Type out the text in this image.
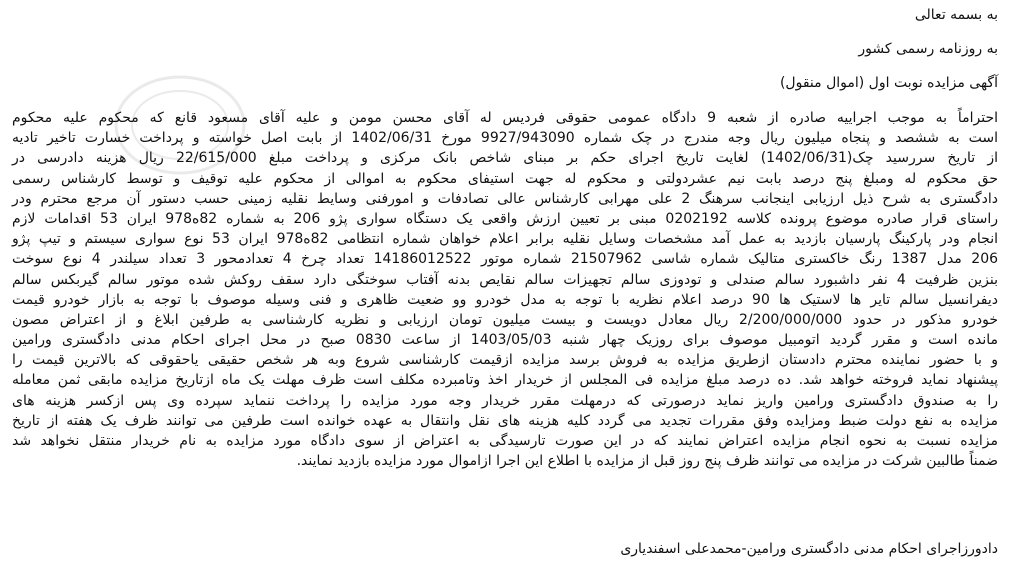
به بسمه تعالی
به روزنامه رسمی کشور
آگهی مزایده نوبت اول (اموال منقول)
احتراماً به موجب اجراییه صادره از شعبه 9 دادگاه عمومی حقوقی فردیس له آقای محسن مومن و علیه آقای مسعود قانع که محکوم علیه محکوم
است به ششصد و پنجاه میلیون ریال وجه مندرج در چک شماره 9927/943090 مورخ 1402/06/31 از بابت اصل خواسته و پرداخت خسارت تاخیر تادیه
از تاریخ سررسید چک(1402/06/31) لغایت تاریخ اجرای حکم بر مبنای شاخص بانک مرکزی و پرداخت مبلغ 22/615/000 ریال هزینه دادرسی در
حق محکوم له ومبلغ پنج درصد بابت نیم عشردولتی و محکوم له جهت استیفای محکوم به اموالی از محکوم علیه توقیف و توسط کارشناس رسمی
دادگستری به شرح ذیل ارزیابی اینجانب سرهنگ 2 علی مهرابی کارشناس عالی تصادفات و امورفنی وسایط نقلیه زمینی حسب دستور آن مرجع محترم ودر
راستای قرار صادره موضوع پرونده کلاسه 0202192 مبنی بر تعیین ارزش واقعی یک دستگاه سواری پژو 206 به شماره 82ه978 ایران 53 اقدامات لازم
انجام ودر پارکینگ پارسیان بازدید به عمل آمد مشخصات وسایل نقلیه برابر اعلام خواهان شماره انتظامی 82ه978 ایران 53 نوع سواری سیستم و تیپ پژو
206 مدل 1387 رنگ خاکستری متالیک شماره شاسی 21507962 شماره موتور 14186012522 تعداد چرخ 4 تعدادمحور 3 تعداد سیلندر 4 نوع سوخت
بنزین ظرفیت 4 نفر داشبورد سالم صندلی و تودوزی سالم تجهیزات سالم نقایص بدنه آفتاب سوختگی دارد سقف روکش شده موتور سالم گیربکس سالم
دیفرانسیل سالم تایر ها لاستیک ها 90 درصد اعلام نظریه با توجه به مدل خودرو وو ضعیت ظاهری و فنی وسیله موصوف با توجه به بازار خودرو قیمت
خودرو مذکور در حدود 2/200/000/000 ریال معادل دویست و بیست میلیون تومان ارزیابی و نظریه کارشناسی به طرفین ابلاغ و از اعتراض مصون
مانده است و مقرر گردید اتومبیل موصوف برای روزیک چهار شنبه 1403/05/03 از ساعت 0830 صبح در محل اجرای احکام مدنی دادگستری ورامین
و با حضور نماینده محترم دادستان ازطریق مزایده به فروش برسد مزایده ازقیمت کارشناسی شروع وبه هر شخص حقیقی یاحقوقی که بالاترین قیمت را
پیشنهاد نماید فروخته خواهد شد. ده درصد مبلغ مزایده فی المجلس از خریدار اخذ وتامبرده مکلف است ظرف مهلت یک ماه ازتاریخ مزایده مابقی ثمن معامله
را به صندوق دادگستری ورامین واریز نماید درصورتی که درمهلت مقرر خریدار وجه مورد مزایده را پرداخت ننماید سپرده وی پس ازکسر هزینه های
مزایده به نفع دولت ضبط ومزایده وفق مقررات تجدید می گردد کلیه هزینه های نقل وانتقال به عهده خوانده است طرفین می توانند ظرف یک هفته از تاریخ
مزایده نسبت به نحوه انجام مزایده اعتراض نمایند که در این صورت تارسیدگی به اعتراض از سوی دادگاه مورد مزایده به نام خریدار منتقل نخواهد شد
ضمناً طالبین شرکت در مزایده می توانند ظرف پنج روز قبل از مزایده با اطلاع این اجرا ازاموال مورد مزایده بازدید نمایند.
دادورزاجرای احکام مدنی دادگستری ورامین-محمدعلی اسفندیاری
